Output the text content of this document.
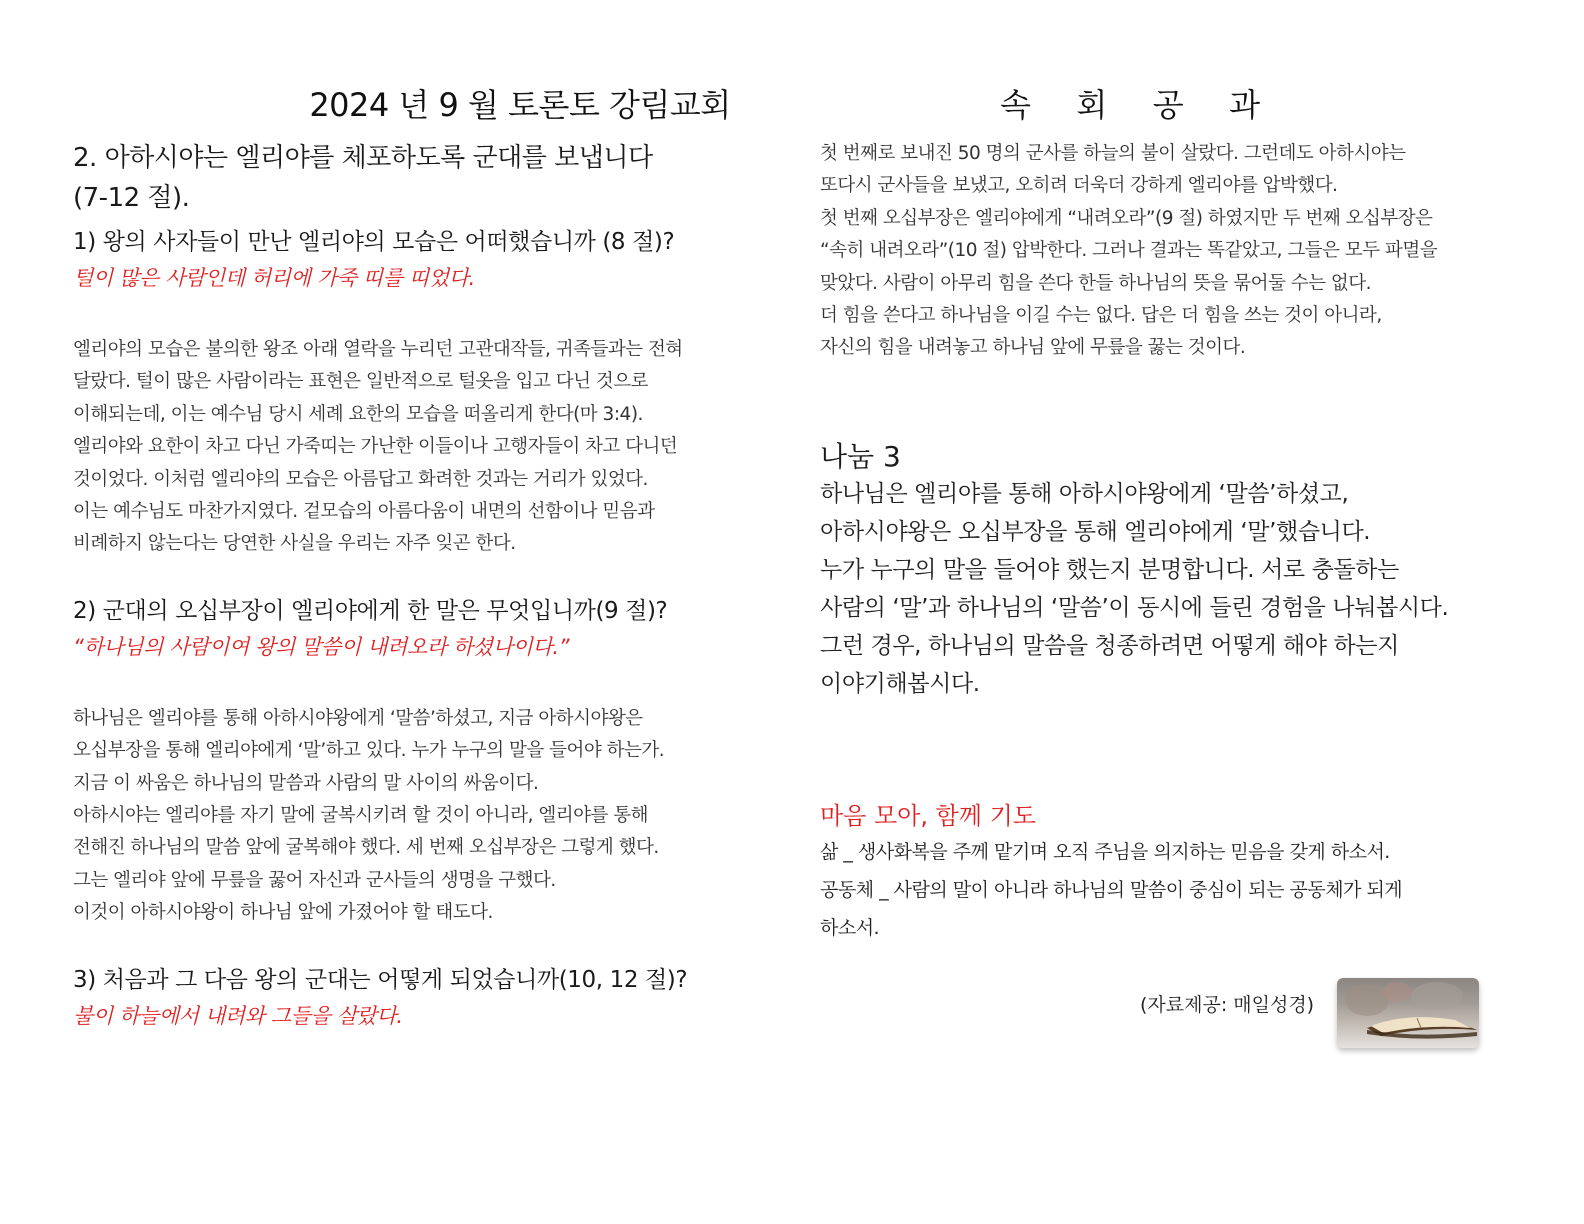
2024 년 9 월 토론토 강림교회	속 회 공 과

2. 아하시야는 엘리야를 체포하도록 군대를 보냅니다
(7-12 절).

1) 왕의 사자들이 만난 엘리야의 모습은 어떠했습니까 (8 절)?

털이 많은 사람인데 허리에 가죽 띠를 띠었다.

엘리야의 모습은 불의한 왕조 아래 열락을 누리던 고관대작들, 귀족들과는 전혀
달랐다. 털이 많은 사람이라는 표현은 일반적으로 털옷을 입고 다닌 것으로
이해되는데, 이는 예수님 당시 세례 요한의 모습을 떠올리게 한다(마 3:4).
엘리야와 요한이 차고 다닌 가죽띠는 가난한 이들이나 고행자들이 차고 다니던
것이었다. 이처럼 엘리야의 모습은 아름답고 화려한 것과는 거리가 있었다.
이는 예수님도 마찬가지였다. 겉모습의 아름다움이 내면의 선함이나 믿음과
비례하지 않는다는 당연한 사실을 우리는 자주 잊곤 한다.

2) 군대의 오십부장이 엘리야에게 한 말은 무엇입니까(9 절)?

“하나님의 사람이여 왕의 말씀이 내려오라 하셨나이다.”

하나님은 엘리야를 통해 아하시야왕에게 ‘말씀’하셨고, 지금 아하시야왕은
오십부장을 통해 엘리야에게 ‘말’하고 있다. 누가 누구의 말을 들어야 하는가.
지금 이 싸움은 하나님의 말씀과 사람의 말 사이의 싸움이다.
아하시야는 엘리야를 자기 말에 굴복시키려 할 것이 아니라, 엘리야를 통해
전해진 하나님의 말씀 앞에 굴복해야 했다. 세 번째 오십부장은 그렇게 했다.
그는 엘리야 앞에 무릎을 꿇어 자신과 군사들의 생명을 구했다.
이것이 아하시야왕이 하나님 앞에 가졌어야 할 태도다.

3) 처음과 그 다음 왕의 군대는 어떻게 되었습니까(10, 12 절)?

불이 하늘에서 내려와 그들을 살랐다.

첫 번째로 보내진 50 명의 군사를 하늘의 불이 살랐다. 그런데도 아하시야는
또다시 군사들을 보냈고, 오히려 더욱더 강하게 엘리야를 압박했다.
첫 번째 오십부장은 엘리야에게 “내려오라”(9 절) 하였지만 두 번째 오십부장은
“속히 내려오라”(10 절) 압박한다. 그러나 결과는 똑같았고, 그들은 모두 파멸을
맞았다. 사람이 아무리 힘을 쓴다 한들 하나님의 뜻을 묶어둘 수는 없다.
더 힘을 쓴다고 하나님을 이길 수는 없다. 답은 더 힘을 쓰는 것이 아니라,
자신의 힘을 내려놓고 하나님 앞에 무릎을 꿇는 것이다.

나눔 3

하나님은 엘리야를 통해 아하시야왕에게 ‘말씀’하셨고,
아하시야왕은 오십부장을 통해 엘리야에게 ‘말’했습니다.
누가 누구의 말을 들어야 했는지 분명합니다. 서로 충돌하는
사람의 ‘말’과 하나님의 ‘말씀’이 동시에 들린 경험을 나눠봅시다.
그런 경우, 하나님의 말씀을 청종하려면 어떻게 해야 하는지
이야기해봅시다.

마음 모아, 함께 기도

삶 _ 생사화복을 주께 맡기며 오직 주님을 의지하는 믿음을 갖게 하소서.
공동체 _ 사람의 말이 아니라 하나님의 말씀이 중심이 되는 공동체가 되게
하소서.
(자료제공: 매일성경)
